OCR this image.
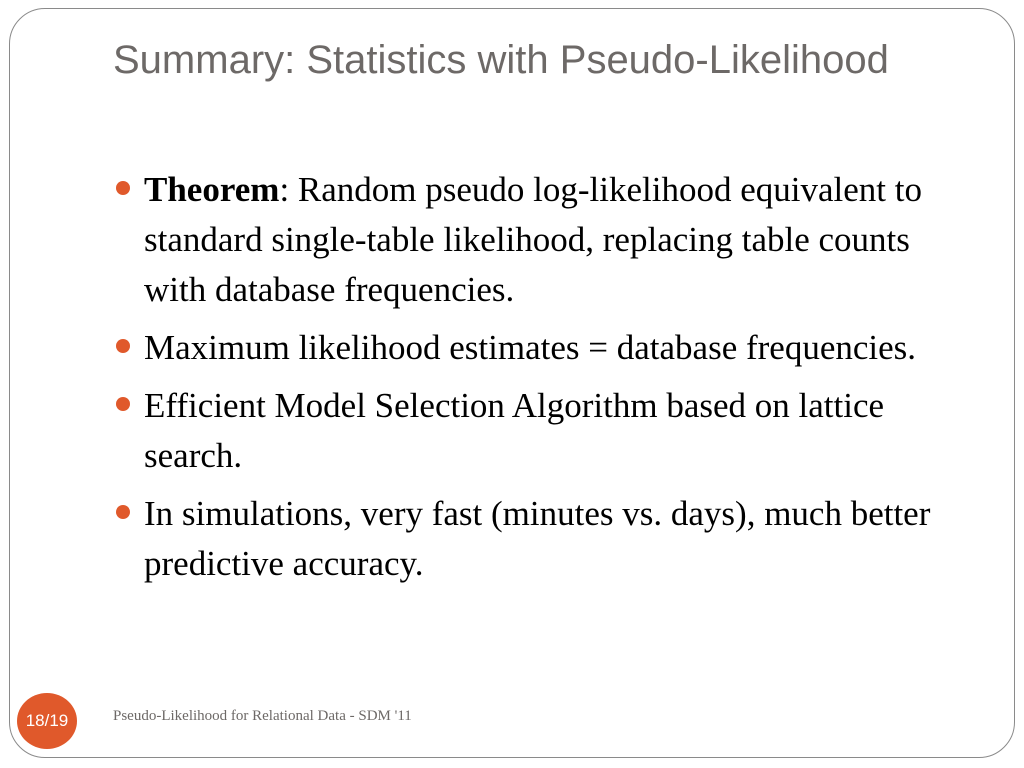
Summary: Statistics with Pseudo-Likelihood
Theorem: Random pseudo log-likelihood equivalent to standard single-table likelihood, replacing table counts with database frequencies.
Maximum likelihood estimates = database frequencies.
Efficient Model Selection Algorithm based on lattice search.
In simulations, very fast (minutes vs. days), much better predictive accuracy.
18/19	Pseudo-Likelihood for Relational Data - SDM '11
